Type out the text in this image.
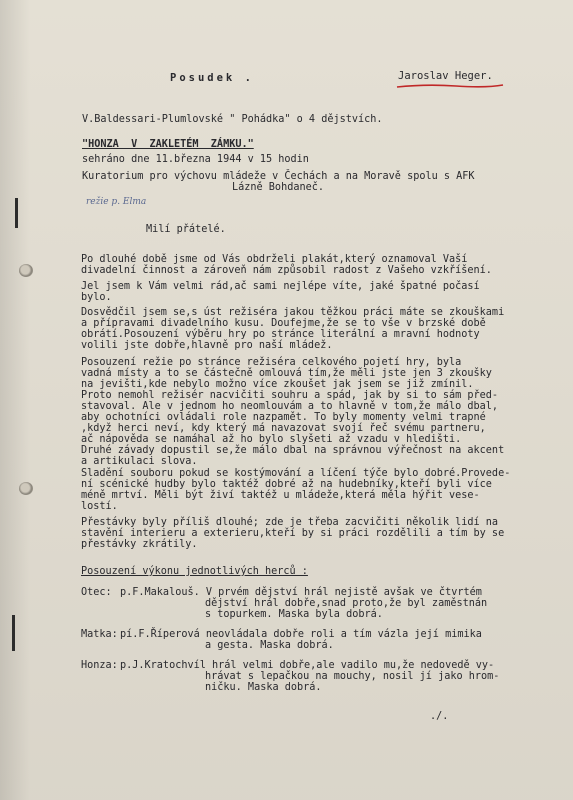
Posudek .	Jaroslav Heger.

V.Baldessari-Plumlovské " Pohádka" o 4 dějstvích.

"HONZA  V  ZAKLETÉM  ZÁMKU."

sehráno dne 11.března 1944 v 15 hodin

Kuratorium pro výchovu mládeže v Čechách a na Moravě spolu s AFK

Lázně Bohdaneč.

režie p. Elma

Milí přátelé.

Po dlouhé době jsme od Vás obdrželi plakát,který oznamoval Vaší

divadelní činnost a zároveň nám způsobil radost z Vašeho vzkříšení.

Jel jsem k Vám velmi rád,ač sami nejlépe víte, jaké špatné počasí

bylo.

Dosvědčil jsem se,s úst režiséra jakou těžkou práci máte se zkouškami

a přípravami divadelního kusu. Doufejme,že se to vše v brzské době

obrátí.Posouzení výběru hry po stránce literální a mravní hodnoty

volili jste dobře,hlavně pro naší mládež.

Posouzení režie po stránce režiséra celkového pojetí hry, byla

vadná místy a to se částečně omlouvá tím,že měli jste jen 3 zkoušky

na jevišti,kde nebylo možno více zkoušet jak jsem se již zmínil.

Proto nemohl režisér nacvičiti souhru a spád, jak by si to sám před-

stavoval. Ale v jednom ho neomlouvám a to hlavně v tom,že málo dbal,

aby ochotníci ovládali role nazpamět. To byly momenty velmi trapné

,když herci neví, kdy který má navazovat svojí řeč svému partneru,

ač nápověda se namáhal až ho bylo slyšeti až vzadu v hledišti.

Druhé závady dopustil se,že málo dbal na správnou výřečnost na akcent

a artikulaci slova.

Sladění souboru pokud se kostýmování a líčení týče bylo dobré.Provede-

ní scénické hudby bylo taktéž dobré až na hudebníky,kteří byli více

méně mrtví. Měli být živí taktéž u mládeže,která měla hýřit vese-

lostí.

Přestávky byly příliš dlouhé; zde je třeba zacvičiti několik lidí na

stavění interieru a exterieru,kteří by si práci rozdělili a tím by se

přestávky zkrátily.

Posouzení výkonu jednotlivých herců :

Otec: p.F.Makalouš. V prvém dějství hrál nejistě avšak ve čtvrtém

dějství hrál dobře,snad proto,že byl zaměstnán

s topurkem. Maska byla dobrá.

Matka: pí.F.Říperová neovládala dobře roli a tím vázla její mimika

a gesta. Maska dobrá.

Honza: p.J.Kratochvíl hrál velmi dobře,ale vadilo mu,že nedovedě vy-

hrávat s lepačkou na mouchy, nosil jí jako hrom-

ničku. Maska dobrá.

./.
